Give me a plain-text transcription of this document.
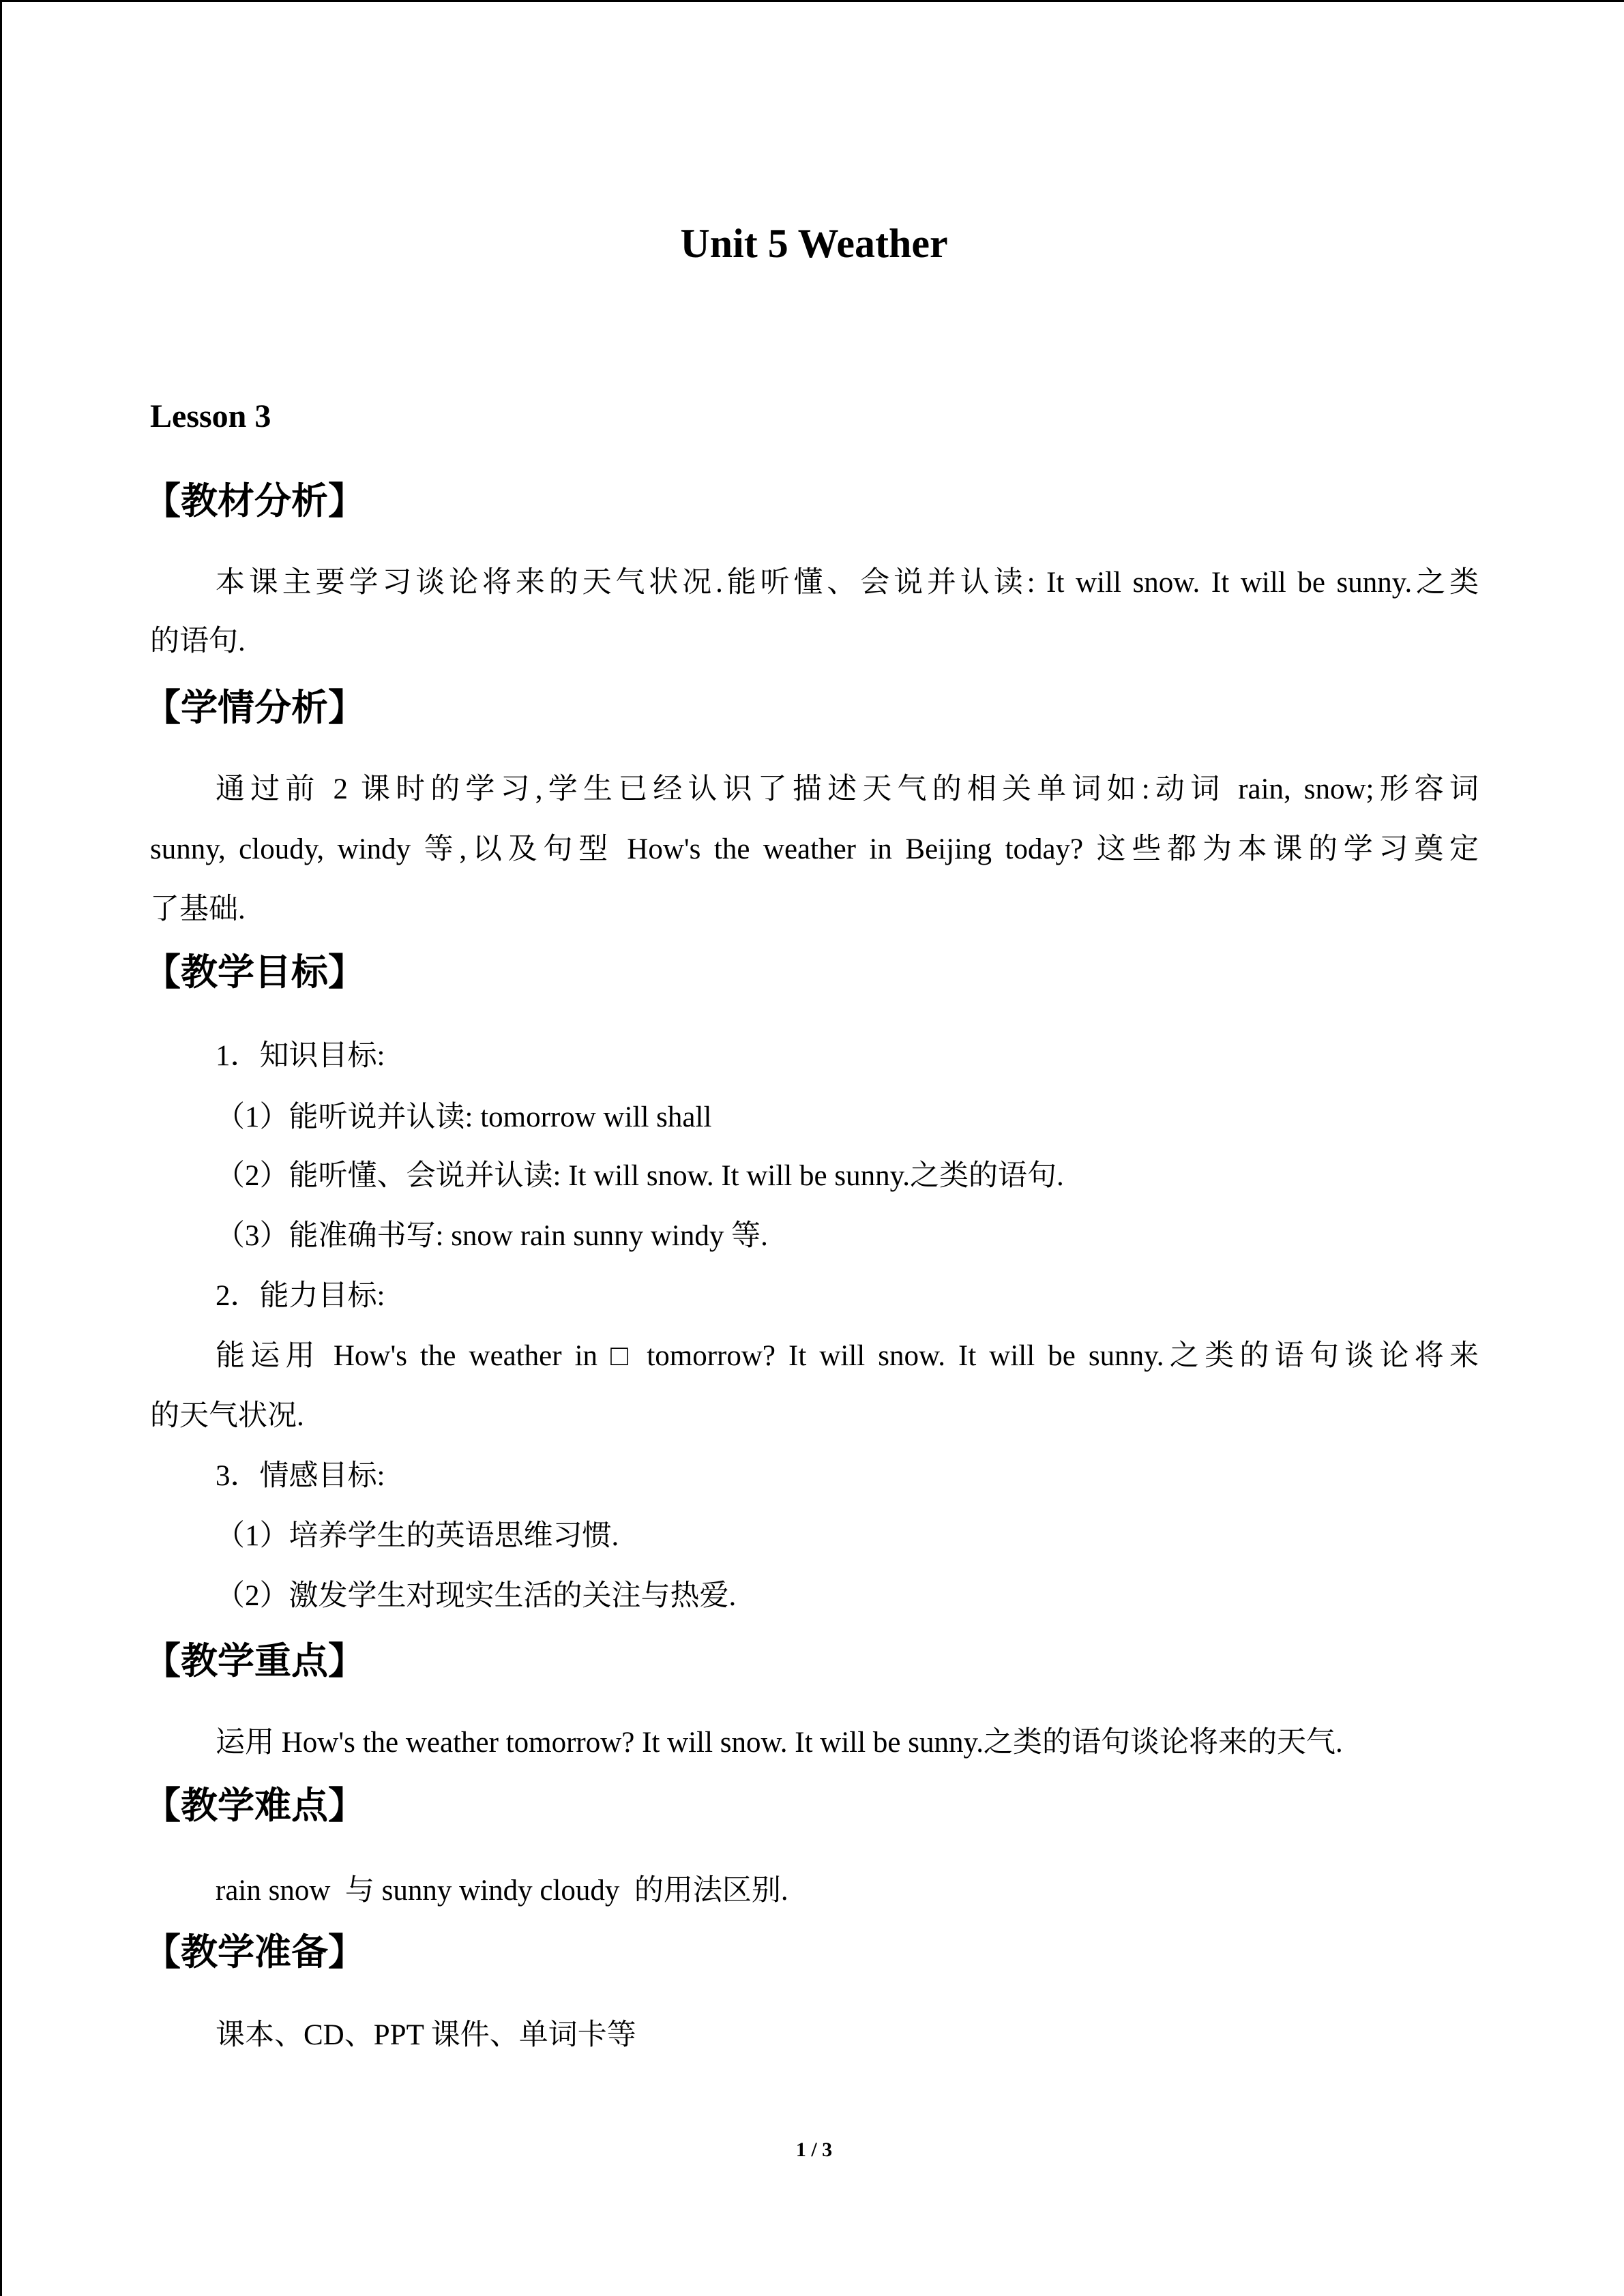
Unit 5 Weather
Lesson 3
【教材分析】
本课主要学习谈论将来的天气状况.能听懂、会说并认读: It will snow. It will be sunny.之类
的语句.
【学情分析】
通过前 2 课时的学习,学生已经认识了描述天气的相关单词如:动词 rain, snow;形容词
sunny, cloudy, windy 等,以及句型 How's the weather in Beijing today? 这些都为本课的学习奠定
了基础.
【教学目标】
1．知识目标:
（1）能听说并认读: tomorrow will shall
（2）能听懂、会说并认读: It will snow. It will be sunny.之类的语句.
（3）能准确书写: snow rain sunny windy 等.
2．能力目标:
能运用 How's the weather in □ tomorrow? It will snow. It will be sunny.之类的语句谈论将来
的天气状况.
3．情感目标:
（1）培养学生的英语思维习惯.
（2）激发学生对现实生活的关注与热爱.
【教学重点】
运用 How's the weather tomorrow? It will snow. It will be sunny.之类的语句谈论将来的天气.
【教学难点】
rain snow  与 sunny windy cloudy  的用法区别.
【教学准备】
课本、CD、PPT 课件、单词卡等
1 / 3
